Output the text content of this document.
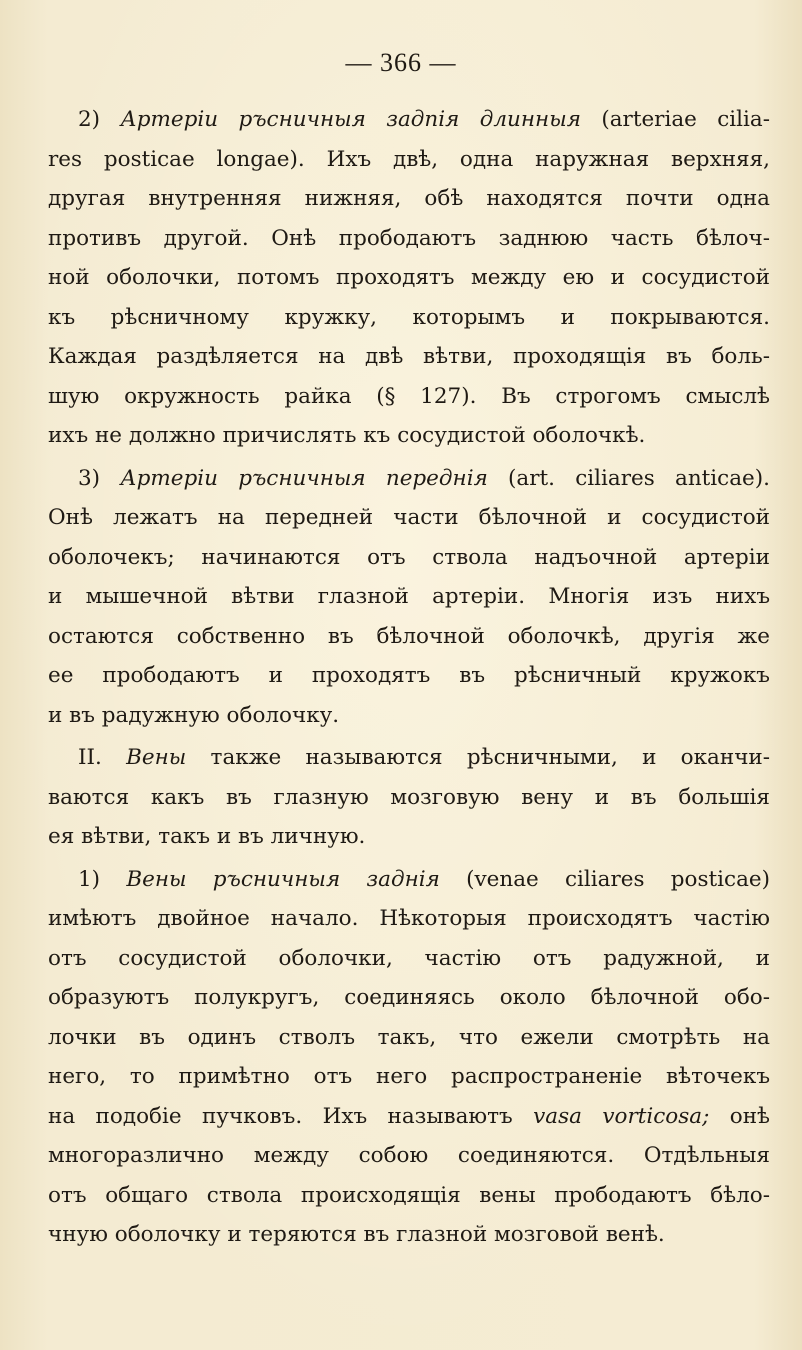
— 366 —
2) Артеріи ръсничныя задпія длинныя (arteriae cilia-
res posticae longae). Ихъ двѣ, одна наружная верхняя,
другая внутренняя нижняя, обѣ находятся почти одна
противъ другой. Онѣ прободаютъ заднюю часть бѣлоч-
ной оболочки, потомъ проходятъ между ею и сосудистой
къ рѣсничному кружку, которымъ и покрываются.
Каждая раздѣляется на двѣ вѣтви, проходящія въ боль-
шую окружность райка (§ 127). Въ строгомъ смыслѣ
ихъ не должно причислять къ сосудистой оболочкѣ.
3) Артеріи ръсничныя переднія (art. ciliares anticae).
Онѣ лежатъ на передней части бѣлочной и сосудистой
оболочекъ; начинаются отъ ствола надъочной артеріи
и мышечной вѣтви глазной артеріи. Многія изъ нихъ
остаются собственно въ бѣлочной оболочкѣ, другія же
ее прободаютъ и проходятъ въ рѣсничный кружокъ
и въ радужную оболочку.
II. Вены также называются рѣсничными, и оканчи-
ваются какъ въ глазную мозговую вену и въ большія
ея вѣтви, такъ и въ личную.
1) Вены ръсничныя заднія (venae ciliares posticae)
имѣютъ двойное начало. Нѣкоторыя происходятъ частію
отъ сосудистой оболочки, частію отъ радужной, и
образуютъ полукругъ, соединяясь около бѣлочной обо-
лочки въ одинъ стволъ такъ, что ежели смотрѣть на
него, то примѣтно отъ него распространеніе вѣточекъ
на подобіе пучковъ. Ихъ называютъ vasa vorticosa; онѣ
многоразлично между собою соединяются. Отдѣльныя
отъ общаго ствола происходящія вены прободаютъ бѣло-
чную оболочку и теряются въ глазной мозговой венѣ.
